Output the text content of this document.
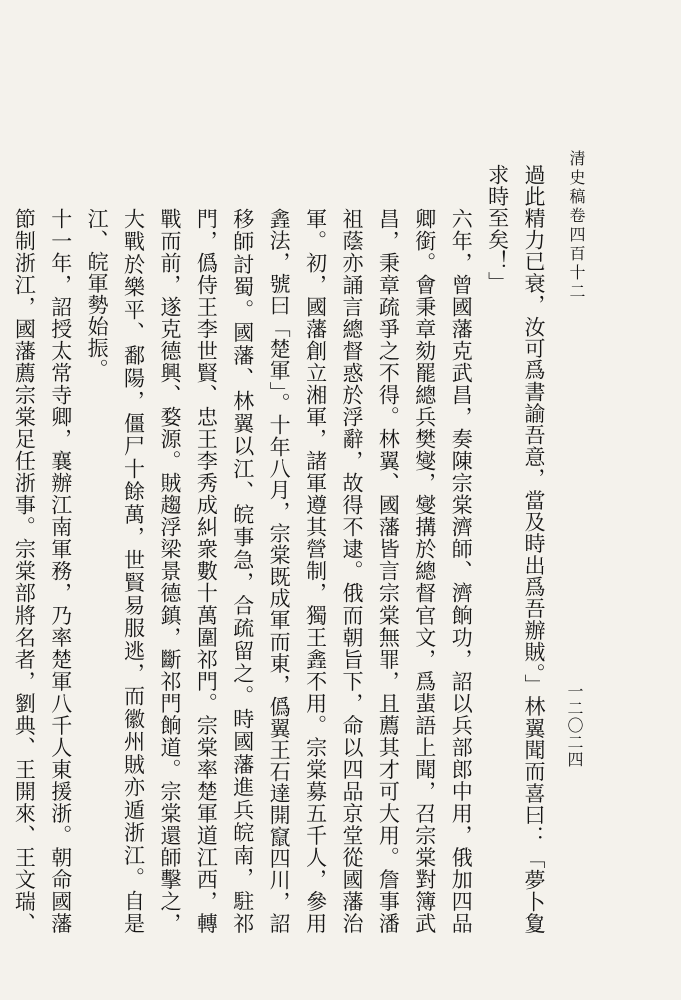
清史稿卷四百十二
一二〇二四

過此精力已衰，汝可爲書諭吾意，當及時出爲吾辦賊。」林翼聞而喜曰：「夢卜夐求時至矣！」

六年，曾國藩克武昌，奏陳宗棠濟師、濟餉功，詔以兵部郎中用，俄加四品卿銜。會秉章劾罷總兵樊燮，燮搆於總督官文，爲蜚語上聞，召宗棠對簿武昌，秉章疏爭之不得。林翼、國藩皆言宗棠無罪，且薦其才可大用。詹事潘祖蔭亦誦言總督惑於浮辭，故得不逮。俄而朝旨下，命以四品京堂從國藩治軍。初，國藩創立湘軍，諸軍遵其營制，獨王錱不用。宗棠募五千人，參用錱法，號曰「楚軍」。十年八月，宗棠既成軍而東，僞翼王石達開竄四川，詔移師討蜀。國藩、林翼以江、皖事急，合疏留之。時國藩進兵皖南，駐祁門，僞侍王李世賢、忠王李秀成糾衆數十萬圍祁門。宗棠率楚軍道江西，轉戰而前，遂克德興、婺源。賊趨浮梁景德鎮，斷祁門餉道。宗棠還師擊之，大戰於樂平、鄱陽，僵尸十餘萬，世賢易服逃，而徽州賊亦遁浙江。自是江、皖軍勢始振。

十一年，詔授太常寺卿，襄辦江南軍務，乃率楚軍八千人東援浙。朝命國藩節制浙江，國藩薦宗棠足任浙事。宗棠部將名者，劉典、王開來、王文瑞、
